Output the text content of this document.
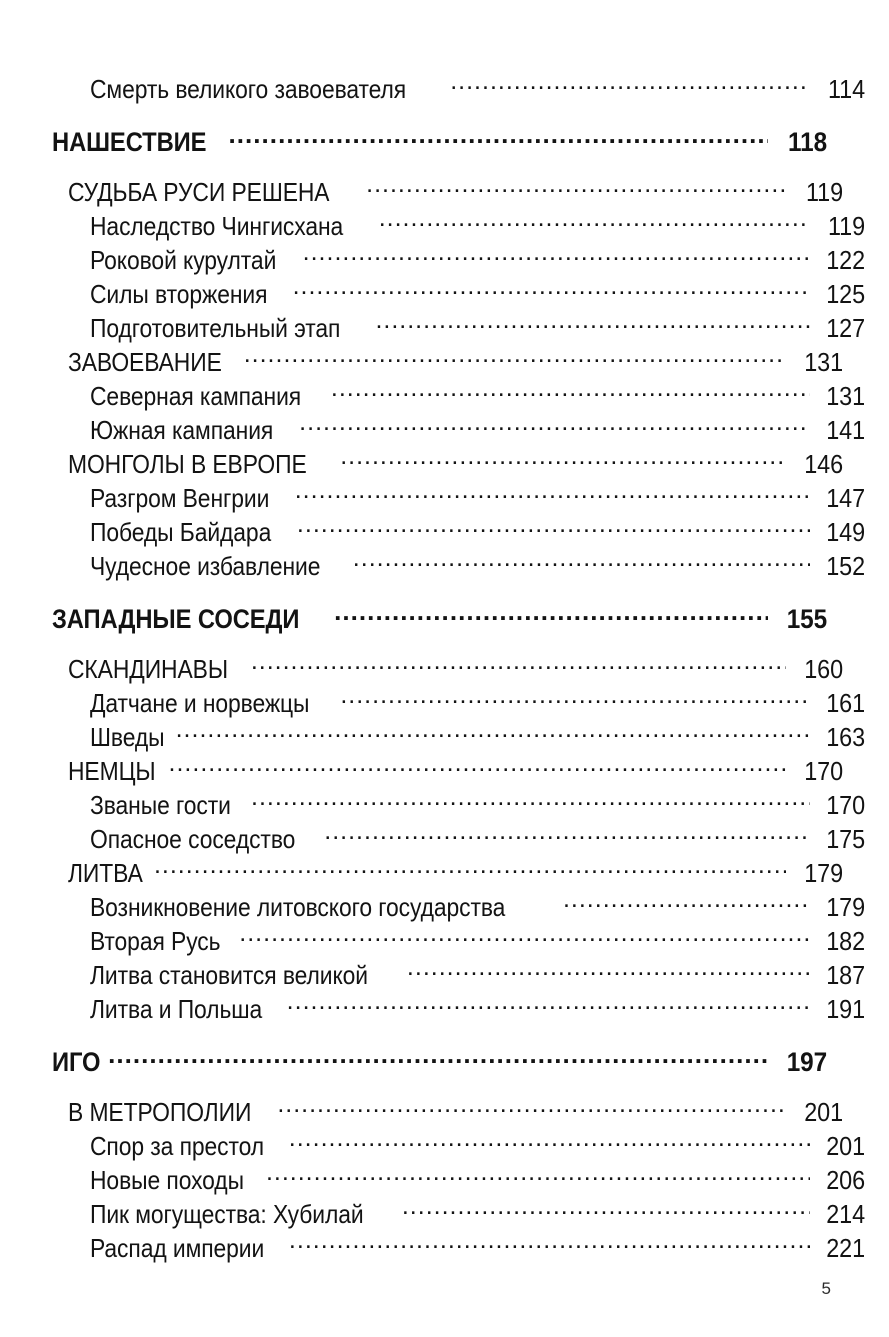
Смерть великого завоевателя .....	114
НАШЕСТВИЕ .....	118
СУДЬБА РУСИ РЕШЕНА .....	119
Наследство Чингисхана .....	119
Роковой курултай .....	122
Силы вторжения .....	125
Подготовительный этап .....	127
ЗАВОЕВАНИЕ .....	131
Северная кампания .....	131
Южная кампания .....	141
МОНГОЛЫ В ЕВРОПЕ .....	146
Разгром Венгрии .....	147
Победы Байдара .....	149
Чудесное избавление .....	152
ЗАПАДНЫЕ СОСЕДИ .....	155
СКАНДИНАВЫ .....	160
Датчане и норвежцы .....	161
Шведы .....	163
НЕМЦЫ .....	170
Званые гости .....	170
Опасное соседство .....	175
ЛИТВА .....	179
Возникновение литовского государства .....	179
Вторая Русь .....	182
Литва становится великой .....	187
Литва и Польша .....	191
ИГО .....	197
В МЕТРОПОЛИИ .....	201
Спор за престол .....	201
Новые походы .....	206
Пик могущества: Хубилай .....	214
Распад империи .....	221
5
